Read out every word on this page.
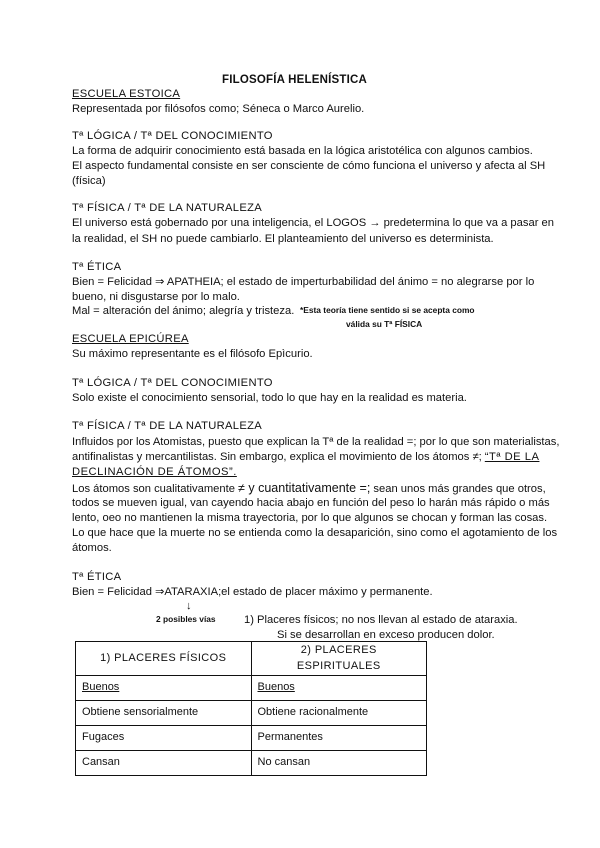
FILOSOFÍA HELENÍSTICA
ESCUELA ESTOICA
Representada por filósofos como; Séneca o Marco Aurelio.
Tª LÓGICA / Tª DEL CONOCIMIENTO
La forma de adquirir conocimiento está basada en la lógica aristotélica con algunos cambios.
El aspecto fundamental consiste en ser consciente de cómo funciona el universo y afecta al SH
(física)
Tª FÍSICA / Tª DE LA NATURALEZA
El universo está gobernado por una inteligencia, el LOGOS → predetermina lo que va a pasar en
la realidad, el SH no puede cambiarlo. El planteamiento del universo es determinista.
Tª ÉTICA
Bien = Felicidad ⇒ APATHEIA; el estado de imperturbabilidad del ánimo = no alegrarse por lo
bueno, ni disgustarse por lo malo.
Mal = alteración del ánimo; alegría y tristeza. *Esta teoría tiene sentido si se acepta como
válida su Tª FÍSICA
ESCUELA EPICÚREA
Su máximo representante es el filósofo Epìcurio.
Tª LÓGICA / Tª DEL CONOCIMIENTO
Solo existe el conocimiento sensorial, todo lo que hay en la realidad es materia.
Tª FÍSICA / Tª DE LA NATURALEZA
Influidos por los Atomistas, puesto que explican la Tª de la realidad =; por lo que son materialistas,
antifinalistas y mercantilistas. Sin embargo, explica el movimiento de los átomos ≠; “Tª DE LA
DECLINACIÓN DE ÁTOMOS”.
Los átomos son cualitativamente ≠ y cuantitativamente =; sean unos más grandes que otros,
todos se mueven igual, van cayendo hacia abajo en función del peso lo harán más rápido o más
lento, oeo no mantienen la misma trayectoria, por lo que algunos se chocan y forman las cosas.
Lo que hace que la muerte no se entienda como la desaparición, sino como el agotamiento de los
átomos.
Tª ÉTICA
Bien = Felicidad ⇒ATARAXIA;el estado de placer máximo y permanente.
↓
2 posibles vías	1) Placeres físicos; no nos llevan al estado de ataraxia.
Si se desarrollan en exceso producen dolor.
1) PLACERES FÍSICOS	2) PLACERES ESPIRITUALES
Buenos	Buenos
Obtiene sensorialmente	Obtiene racionalmente
Fugaces	Permanentes
Cansan	No cansan
